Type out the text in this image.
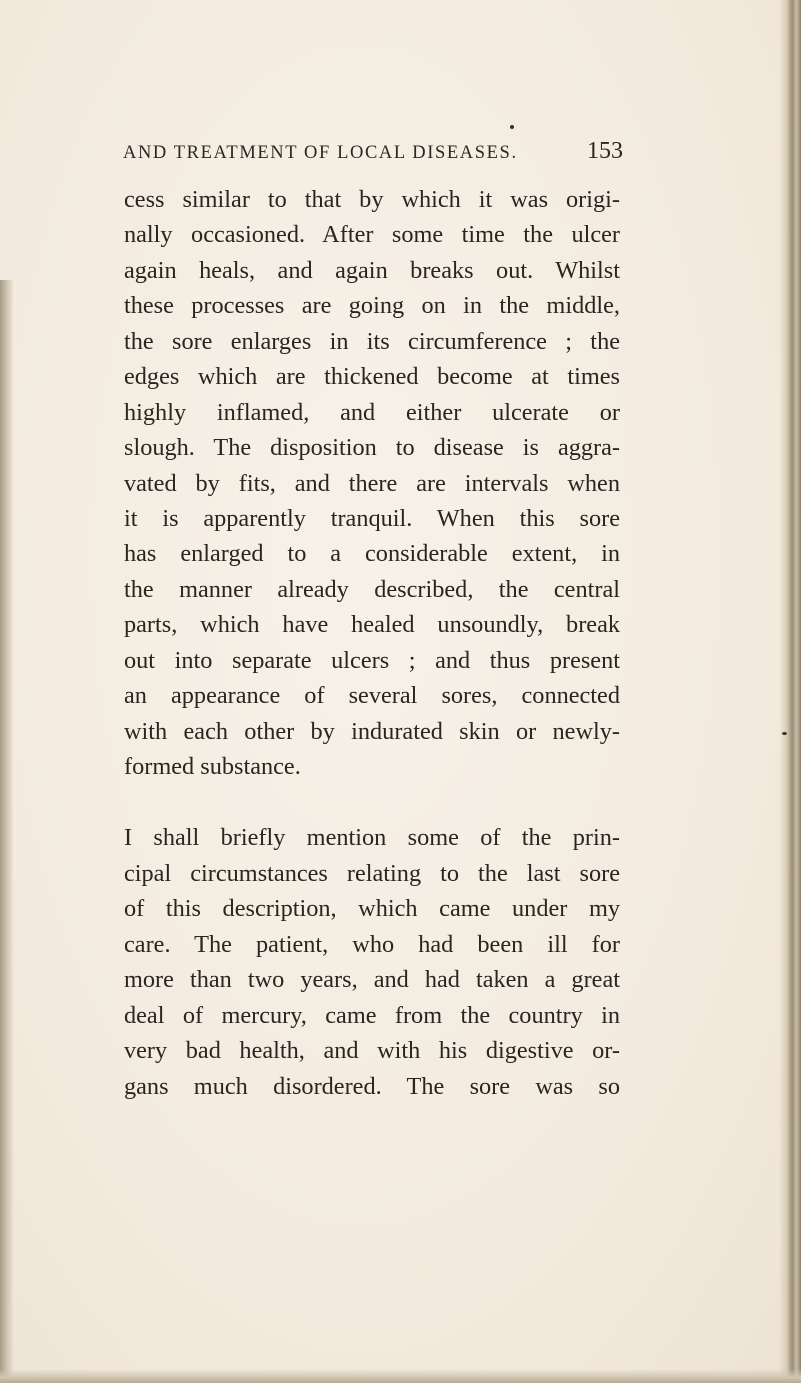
AND TREATMENT OF LOCAL DISEASES.	153
cess similar to that by which it was origi-
nally occasioned. After some time the ulcer
again heals, and again breaks out. Whilst
these processes are going on in the middle,
the sore enlarges in its circumference ; the
edges which are thickened become at times
highly inflamed, and either ulcerate or
slough. The disposition to disease is aggra-
vated by fits, and there are intervals when
it is apparently tranquil. When this sore
has enlarged to a considerable extent, in
the manner already described, the central
parts, which have healed unsoundly, break
out into separate ulcers ; and thus present
an appearance of several sores, connected
with each other by indurated skin or newly-
formed substance.
I shall briefly mention some of the prin-
cipal circumstances relating to the last sore
of this description, which came under my
care. The patient, who had been ill for
more than two years, and had taken a great
deal of mercury, came from the country in
very bad health, and with his digestive or-
gans much disordered. The sore was so
